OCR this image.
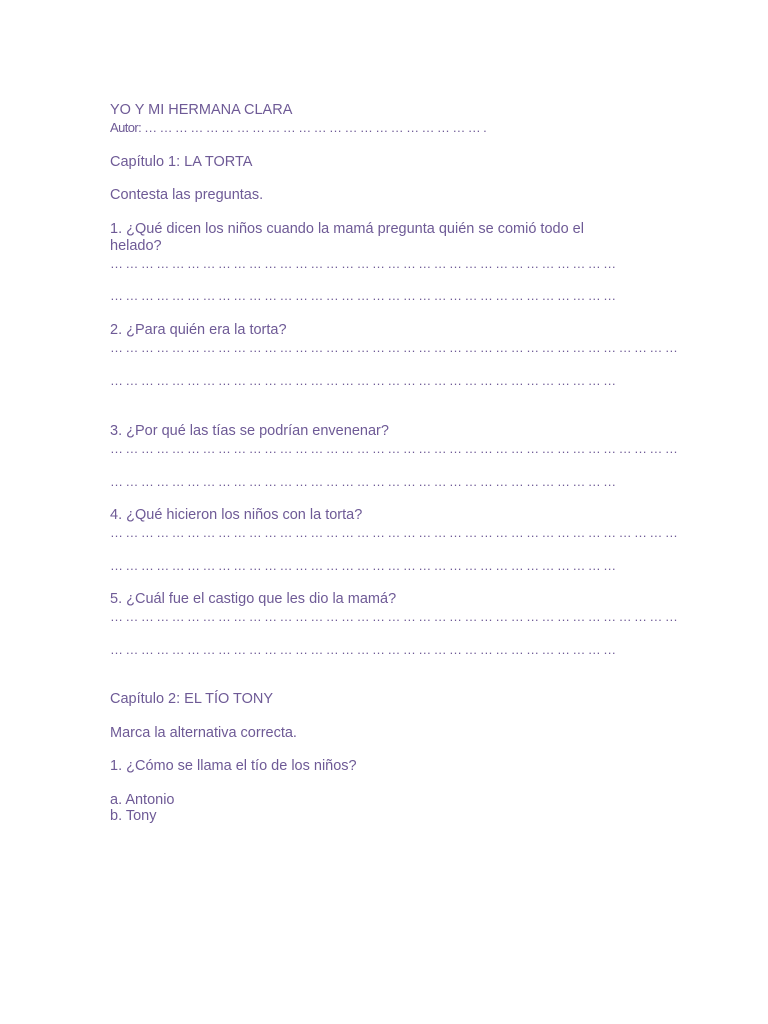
YO Y MI HERMANA CLARA

Autor: … … … … … … … … … … … … … … … … … … … … … … .

Capítulo 1: LA TORTA

Contesta las preguntas.

1. ¿Qué dicen los niños cuando la mamá pregunta quién se comió todo el

helado?

… … … … … … … … … … … … … … … … … … … … … … … … … … … … … … … … …

… … … … … … … … … … … … … … … … … … … … … … … … … … … … … … … … …

2. ¿Para quién era la torta?

… … … … … … … … … … … … … … … … … … … … … … … … … … … … … … … … … … … … …

… … … … … … … … … … … … … … … … … … … … … … … … … … … … … … … … …

3. ¿Por qué las tías se podrían envenenar?

… … … … … … … … … … … … … … … … … … … … … … … … … … … … … … … … … … … … …

… … … … … … … … … … … … … … … … … … … … … … … … … … … … … … … … …

4. ¿Qué hicieron los niños con la torta?

… … … … … … … … … … … … … … … … … … … … … … … … … … … … … … … … … … … … …

… … … … … … … … … … … … … … … … … … … … … … … … … … … … … … … … …

5. ¿Cuál fue el castigo que les dio la mamá?

… … … … … … … … … … … … … … … … … … … … … … … … … … … … … … … … … … … … …

… … … … … … … … … … … … … … … … … … … … … … … … … … … … … … … … …

Capítulo 2: EL TÍO TONY

Marca la alternativa correcta.

1. ¿Cómo se llama el tío de los niños?

a. Antonio

b. Tony
